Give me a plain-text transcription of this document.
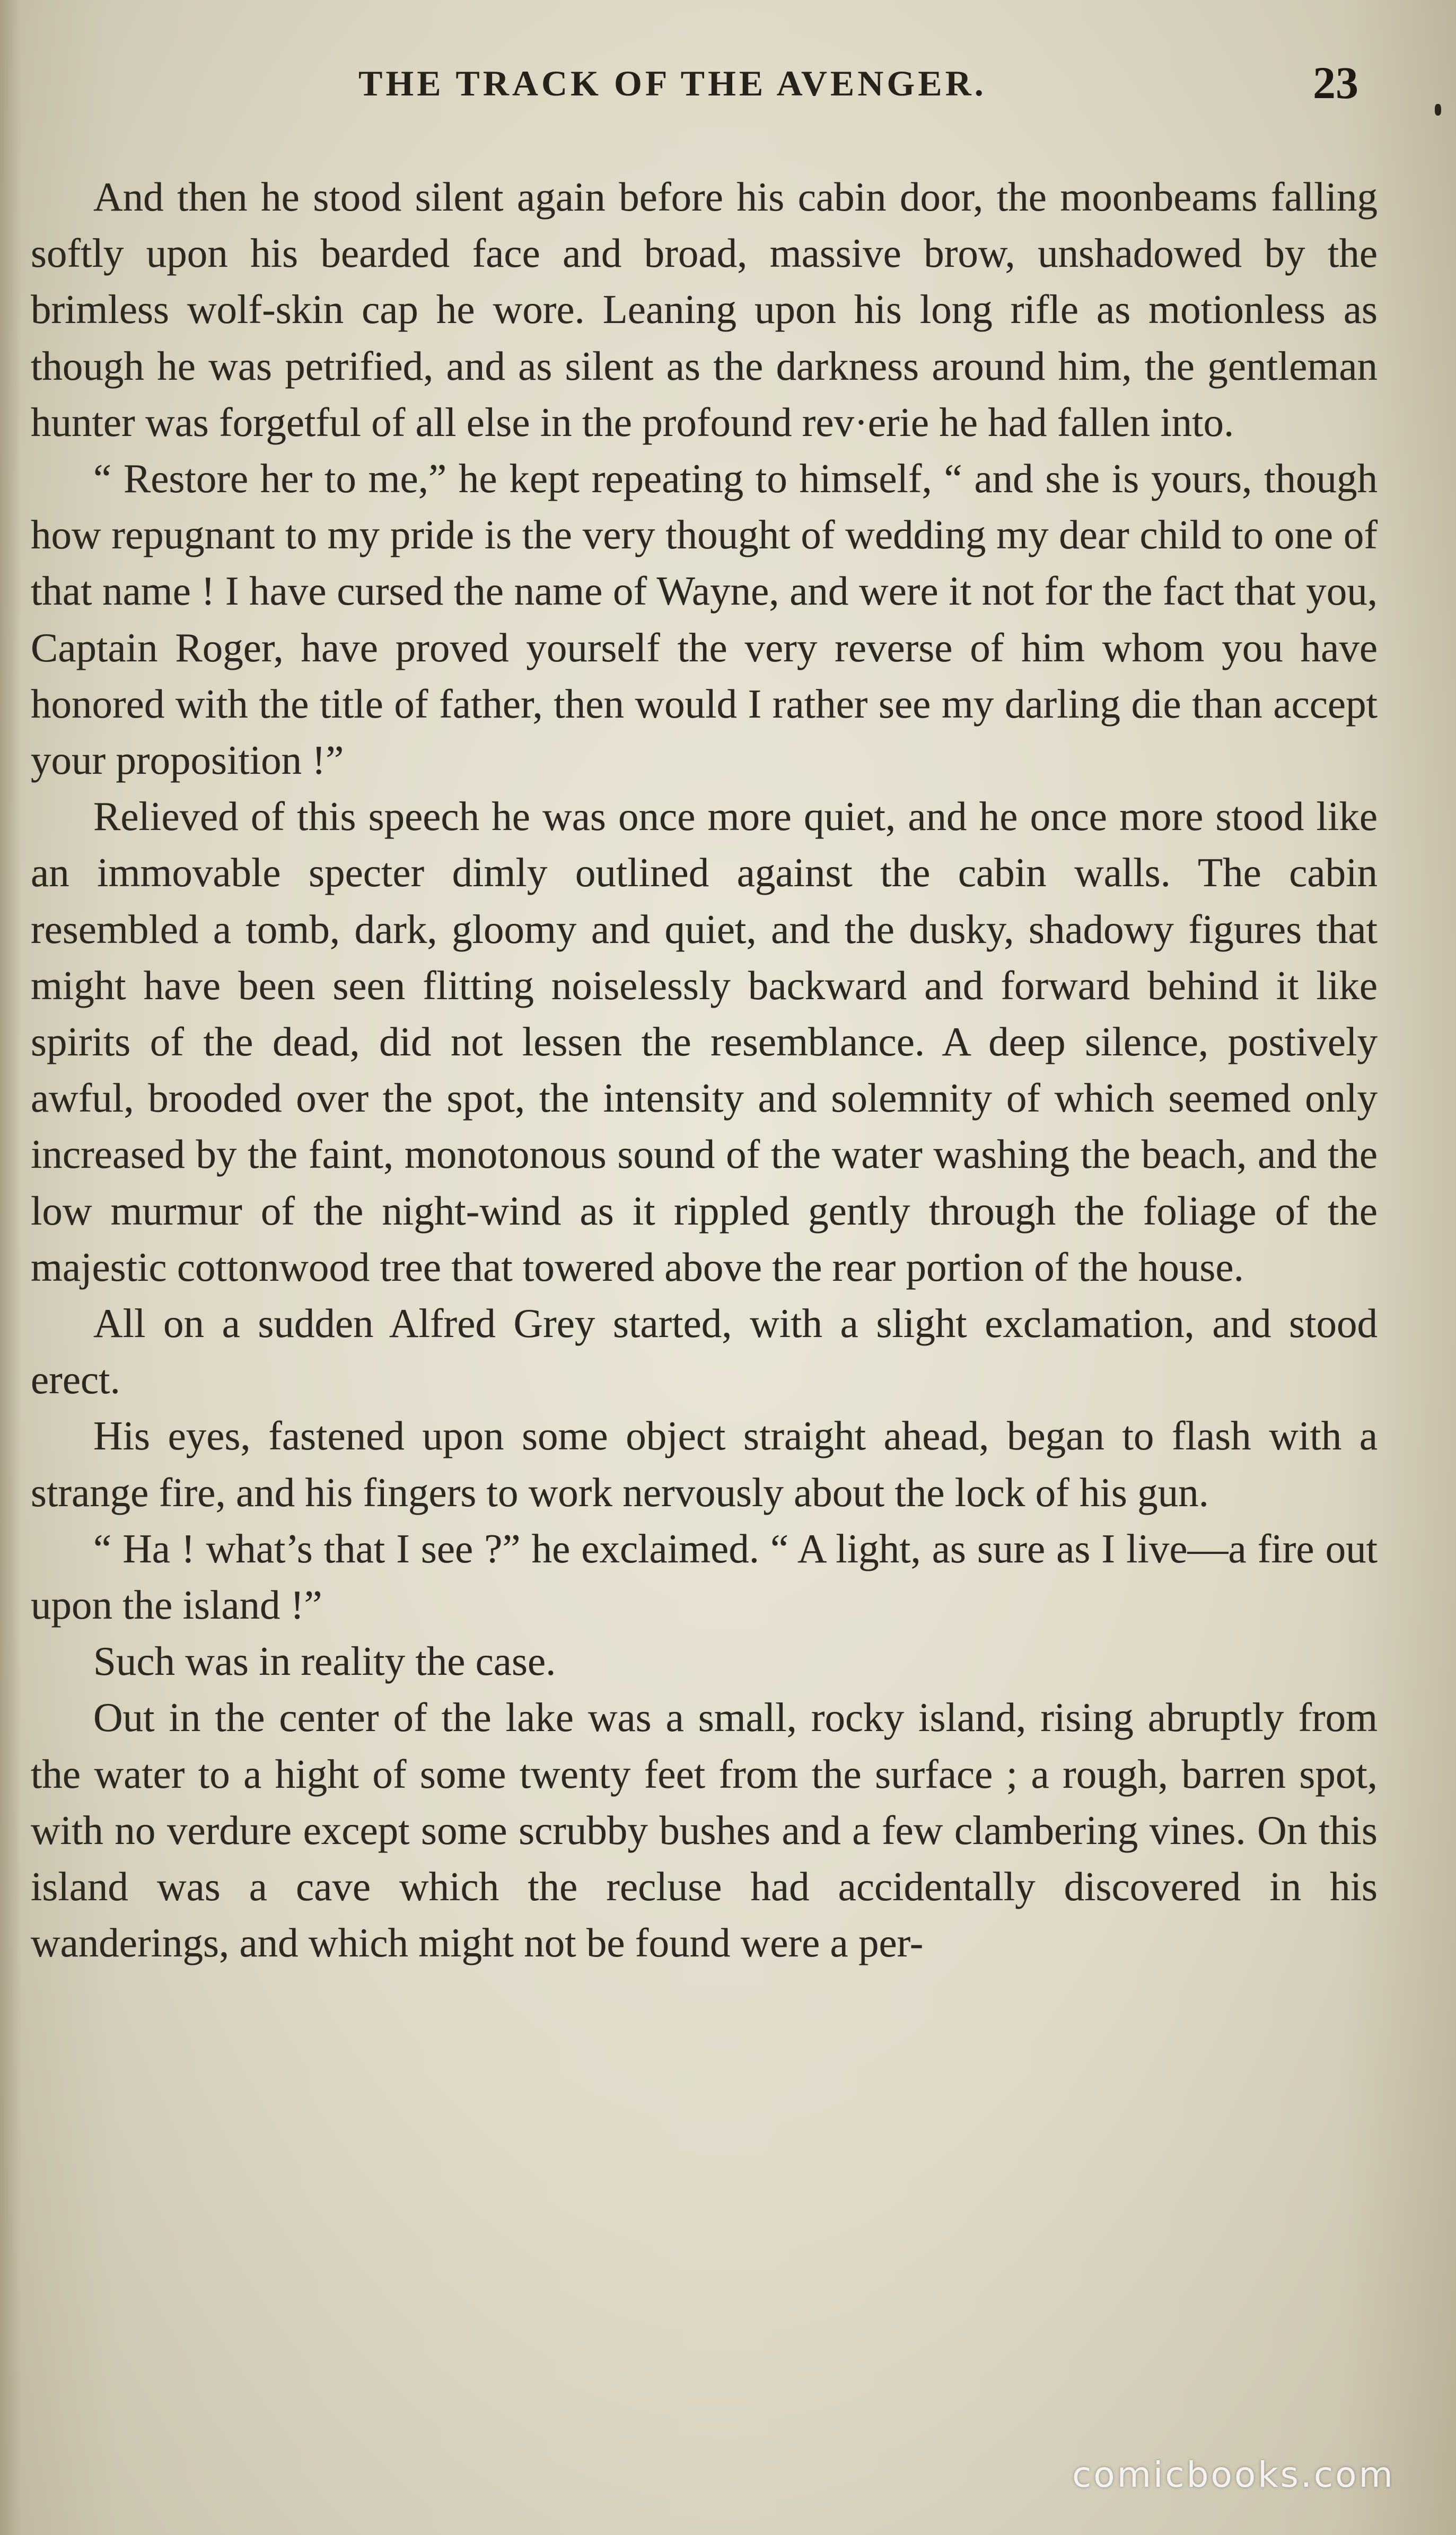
THE TRACK OF THE AVENGER.	23

And then he stood silent again before his cabin door, the moonbeams falling softly upon his bearded face and broad, massive brow, unshadowed by the brimless wolf-skin cap he wore. Leaning upon his long rifle as motionless as though he was petrified, and as silent as the darkness around him, the gentleman hunter was forgetful of all else in the profound rev·erie he had fallen into.

“ Restore her to me,” he kept repeating to himself, “ and she is yours, though how repugnant to my pride is the very thought of wedding my dear child to one of that name ! I have cursed the name of Wayne, and were it not for the fact that you, Captain Roger, have proved yourself the very reverse of him whom you have honored with the title of father, then would I rather see my darling die than accept your proposition !”

Relieved of this speech he was once more quiet, and he once more stood like an immovable specter dimly outlined against the cabin walls. The cabin resembled a tomb, dark, gloomy and quiet, and the dusky, shadowy figures that might have been seen flitting noiselessly backward and forward behind it like spirits of the dead, did not lessen the resemblance. A deep silence, postively awful, brooded over the spot, the intensity and solemnity of which seemed only increased by the faint, monotonous sound of the water washing the beach, and the low murmur of the night-wind as it rippled gently through the foliage of the majestic cottonwood tree that towered above the rear portion of the house.

All on a sudden Alfred Grey started, with a slight exclamation, and stood erect.

His eyes, fastened upon some object straight ahead, began to flash with a strange fire, and his fingers to work nervously about the lock of his gun.

“ Ha ! what’s that I see ?” he exclaimed. “ A light, as sure as I live—a fire out upon the island !”

Such was in reality the case.

Out in the center of the lake was a small, rocky island, rising abruptly from the water to a hight of some twenty feet from the surface ; a rough, barren spot, with no verdure except some scrubby bushes and a few clambering vines. On this island was a cave which the recluse had accidentally discovered in his wanderings, and which might not be found were a per-

comicbooks.com
